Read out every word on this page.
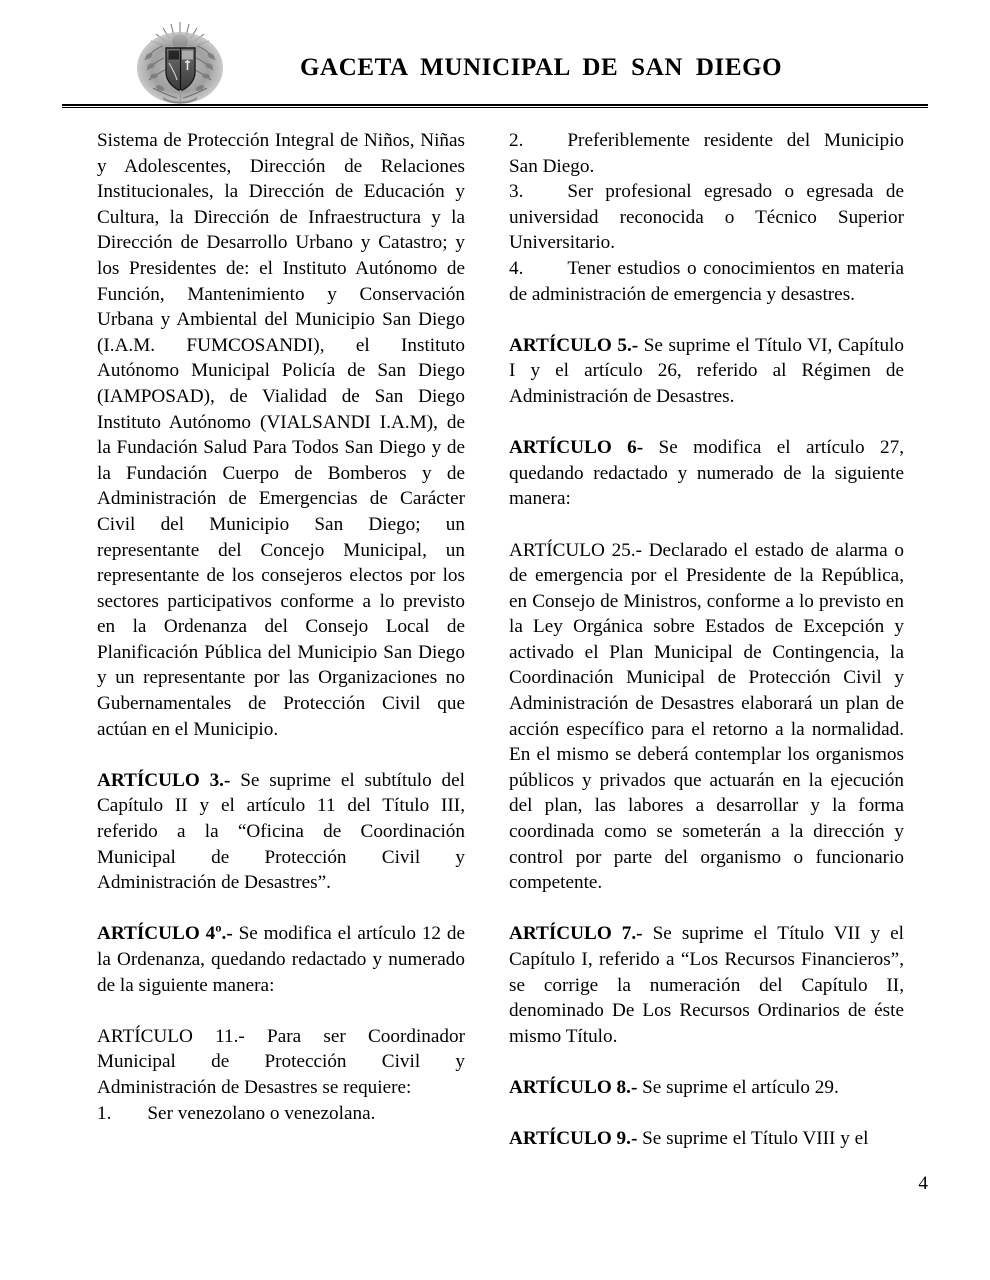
GACETA MUNICIPAL DE SAN DIEGO

Sistema de Protección Integral de Niños, Niñas y Adolescentes, Dirección de Relaciones Institucionales, la Dirección de Educación y Cultura, la Dirección de Infraestructura y la Dirección de Desarrollo Urbano y Catastro; y los Presidentes de: el Instituto Autónomo de Función, Mantenimiento y Conservación Urbana y Ambiental del Municipio San Diego (I.A.M. FUMCOSANDI), el Instituto Autónomo Municipal Policía de San Diego (IAMPOSAD), de Vialidad de San Diego Instituto Autónomo (VIALSANDI I.A.M), de la Fundación Salud Para Todos San Diego y de la Fundación Cuerpo de Bomberos y de Administración de Emergencias de Carácter Civil del Municipio San Diego; un representante del Concejo Municipal, un representante de los consejeros electos por los sectores participativos conforme a lo previsto en la Ordenanza del Consejo Local de Planificación Pública del Municipio San Diego y un representante por las Organizaciones no Gubernamentales de Protección Civil que actúan en el Municipio.

ARTÍCULO 3.- Se suprime el subtítulo del Capítulo II y el artículo 11 del Título III, referido a la “Oficina de Coordinación Municipal de Protección Civil y Administración de Desastres”.

ARTÍCULO 4º.- Se modifica el artículo 12 de la Ordenanza, quedando redactado y numerado de la siguiente manera:

ARTÍCULO 11.- Para ser Coordinador Municipal de Protección Civil y Administración de Desastres se requiere:

1. Ser venezolano o venezolana.

2. Preferiblemente residente del Municipio San Diego.

3. Ser profesional egresado o egresada de universidad reconocida o Técnico Superior Universitario.

4. Tener estudios o conocimientos en materia de administración de emergencia y desastres.

ARTÍCULO 5.- Se suprime el Título VI, Capítulo I y el artículo 26, referido al Régimen de Administración de Desastres.

ARTÍCULO 6- Se modifica el artículo 27, quedando redactado y numerado de la siguiente manera:

ARTÍCULO 25.- Declarado el estado de alarma o de emergencia por el Presidente de la República, en Consejo de Ministros, conforme a lo previsto en la Ley Orgánica sobre Estados de Excepción y activado el Plan Municipal de Contingencia, la Coordinación Municipal de Protección Civil y Administración de Desastres elaborará un plan de acción específico para el retorno a la normalidad. En el mismo se deberá contemplar los organismos públicos y privados que actuarán en la ejecución del plan, las labores a desarrollar y la forma coordinada como se someterán a la dirección y control por parte del organismo o funcionario competente.

ARTÍCULO 7.- Se suprime el Título VII y el Capítulo I, referido a “Los Recursos Financieros”, se corrige la numeración del Capítulo II, denominado De Los Recursos Ordinarios de éste mismo Título.

ARTÍCULO 8.- Se suprime el artículo 29.

ARTÍCULO 9.- Se suprime el Título VIII y el

4
